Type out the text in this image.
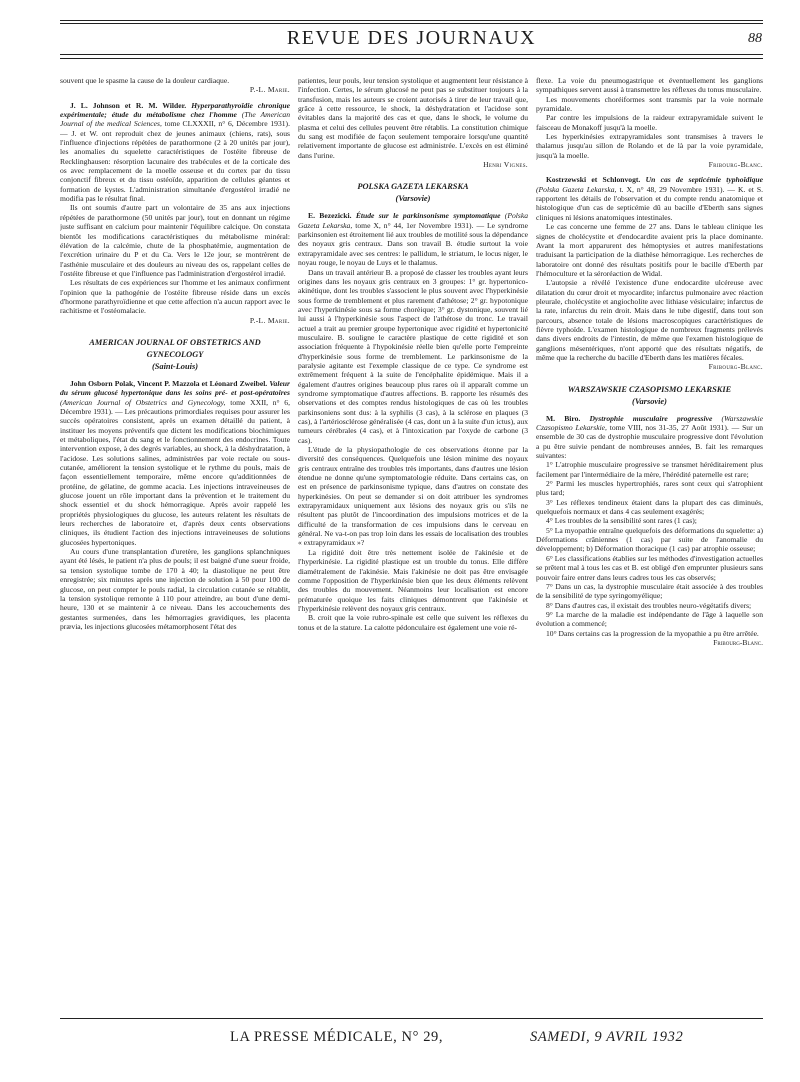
REVUE DES JOURNAUX	88

souvent que le spasme la cause de la douleur cardiaque.

P.-L. Marie.

J. L. Johnson et R. M. Wilder. Hyperparathyroïdie chronique expérimentale; étude du métabolisme chez l'homme (The American Journal of the medical Sciences, tome CLXXXII, n° 6, Décembre 1931). — J. et W. ont reproduit chez de jeunes animaux (chiens, rats), sous l'influence d'injections répétées de parathormone (2 à 20 unités par jour), les anomalies du squelette caractéristiques de l'ostéite fibreuse de Recklinghausen: résorption lacunaire des trabécules et de la corticale des os avec remplacement de la moelle osseuse et du cortex par du tissu conjonctif fibreux et du tissu ostéoïde, apparition de cellules géantes et formation de kystes. L'administration simultanée d'ergostérol irradié ne modifia pas le résultat final.

Ils ont soumis d'autre part un volontaire de 35 ans aux injections répétées de parathormone (50 unités par jour), tout en donnant un régime juste suffisant en calcium pour maintenir l'équilibre calcique. On constata bientôt les modifications caractéristiques du métabolisme minéral: élévation de la calcémie, chute de la phosphatémie, augmentation de l'excrétion urinaire du P et du Ca. Vers le 12e jour, se montrèrent de l'asthénie musculaire et des douleurs au niveau des os, rappelant celles de l'ostéite fibreuse et que l'influence pas l'administration d'ergostérol irradié.

Les résultats de ces expériences sur l'homme et les animaux confirment l'opinion que la pathogénie de l'ostéite fibreuse réside dans un excès d'hormone parathyroïdienne et que cette affection n'a aucun rapport avec le rachitisme et l'ostéomalacie.

P.-L. Marie.
AMERICAN JOURNAL OF OBSTETRICS AND GYNECOLOGY
(Saint-Louis)

John Osborn Polak, Vincent P. Mazzola et Léonard Zweibel. Valeur du sérum glucosé hypertonique dans les soins pré- et post-opératoires (American Journal of Obstetrics and Gynecology, tome XXII, n° 6, Décembre 1931). — Les précautions primordiales requises pour assurer les succès opératoires consistent, après un examen détaillé du patient, à instituer les moyens préventifs que dictent les modifications biochimiques et métaboliques, l'état du sang et le fonctionnement des endocrines. Toute intervention expose, à des degrés variables, au shock, à la déshydratation, à l'acidose. Les solutions salines, administrées par voie rectale ou sous-cutanée, améliorent la tension systolique et le rythme du pouls, mais de façon essentiellement temporaire, même encore qu'additionnées de protéine, de gélatine, de gomme acacia. Les injections intraveineuses de glucose jouent un rôle important dans la prévention et le traitement du shock essentiel et du shock hémorragique. Après avoir rappelé les propriétés physiologiques du glucose, les auteurs relatent les résultats de leurs recherches de laboratoire et, d'après deux cents observations cliniques, ils étudient l'action des injections intraveineuses de solutions glucosées hypertoniques.

Au cours d'une transplantation d'uretère, les ganglions splanchniques ayant été lésés, le patient n'a plus de pouls; il est baigné d'une sueur froide, sa tension systolique tombe de 170 à 40; la diastolique ne peut être enregistrée; six minutes après une injection de solution à 50 pour 100 de glucose, on peut compter le pouls radial, la circulation cutanée se rétablit, la tension systolique remonte à 110 pour atteindre, au bout d'une demi-heure, 130 et se maintenir à ce niveau. Dans les accouchements des gestantes surmenées, dans les hémorragies gravidiques, les placenta prævia, les injections glucosées métamorphosent l'état des

patientes, leur pouls, leur tension systolique et augmentent leur résistance à l'infection. Certes, le sérum glucosé ne peut pas se substituer toujours à la transfusion, mais les auteurs se croient autorisés à tirer de leur travail que, grâce à cette ressource, le shock, la déshydratation et l'acidose sont évitables dans la majorité des cas et que, dans le shock, le volume du plasma et celui des cellules peuvent être rétablis. La constitution chimique du sang est modifiée de façon seulement temporaire lorsqu'une quantité relativement importante de glucose est administrée. L'excès en est éliminé dans l'urine.

Henri Vignes.
POLSKA GAZETA LEKARSKA
(Varsovie)

E. Bezezicki. Étude sur le parkinsonisme symptomatique (Polska Gazeta Lekarska, tome X, n° 44, 1er Novembre 1931). — Le syndrome parkinsonien est étroitement lié aux troubles de motilité sous la dépendance des noyaux gris centraux. Dans son travail B. étudie surtout la voie extrapyramidale avec ses centres: le pallidum, le striatum, le locus niger, le noyau rouge, le noyau de Luys et le thalamus.

Dans un travail antérieur B. a proposé de classer les troubles ayant leurs origines dans les noyaux gris centraux en 3 groupes: 1° gr. hypertonico-akinétique, dont les troubles s'associent le plus souvent avec l'hyperkinésie sous forme de tremblement et plus rarement d'athétose; 2° gr. hypotonique avec l'hyperkinésie sous sa forme chorèique; 3° gr. dystonique, souvent lié lui aussi à l'hyperkinésie sous l'aspect de l'athétose du tronc. Le travail actuel a trait au premier groupe hypertonique avec rigidité et hypertonicité musculaire. B. souligne le caractère plastique de cette rigidité et son association fréquente à l'hypokinésie réelle bien qu'elle porte l'empreinte d'hyperkinésie sous forme de tremblement. Le parkinsonisme de la paralysie agitante est l'exemple classique de ce type. Ce syndrome est extrêmement fréquent à la suite de l'encéphalite épidémique. Mais il a également d'autres origines beaucoup plus rares où il apparaît comme un syndrome symptomatique d'autres affections. B. rapporte les résumés des observations et des comptes rendus histologiques de cas où les troubles parkinsoniens sont dus: à la syphilis (3 cas), à la sclérose en plaques (3 cas), à l'artériosclérose généralisée (4 cas, dont un à la suite d'un ictus), aux tumeurs cérébrales (4 cas), et à l'intoxication par l'oxyde de carbone (3 cas).

L'étude de la physiopathologie de ces observations étonne par la diversité des conséquences. Quelquefois une lésion minime des noyaux gris centraux entraîne des troubles très importants, dans d'autres une lésion étendue ne donne qu'une symptomatologie réduite. Dans certains cas, on est en présence de parkinsonisme typique, dans d'autres on constate des hyperkinésies. On peut se demander si on doit attribuer les syndromes extrapyramidaux uniquement aux lésions des noyaux gris ou s'ils ne résultent pas plutôt de l'incoordination des impulsions motrices et de la difficulté de la transformation de ces impulsions dans le cerveau en général. Ne va-t-on pas trop loin dans les essais de localisation des troubles « extrapyramidaux »?

La rigidité doit être très nettement isolée de l'akinésie et de l'hyperkinésie. La rigidité plastique est un trouble du tonus. Elle diffère diamétralement de l'akinésie. Mais l'akinésie ne doit pas être envisagée comme l'opposition de l'hyperkinésie bien que les deux éléments relèvent des troubles du mouvement. Néanmoins leur localisation est encore prématurée quoique les faits cliniques démontrent que l'akinésie et l'hyperkinésie relèvent des noyaux gris centraux.

B. croit que la voie rubro-spinale est celle que suivent les réflexes du tonus et de la stature. La calotte pédonculaire est également une voie ré-

flexe. La voie du pneumogastrique et éventuellement les ganglions sympathiques servent aussi à transmettre les réflexes du tonus musculaire.

Les mouvements choréiformes sont transmis par la voie normale pyramidale.

Par contre les impulsions de la raideur extrapyramidale suivent le faisceau de Monakoff jusqu'à la moelle.

Les hyperkinésies extrapyramidales sont transmises à travers le thalamus jusqu'au sillon de Rolando et de là par la voie pyramidale, jusqu'à la moelle.

Fribourg-Blanc.

Kostrzewski et Schlonvogt. Un cas de septicémie typhoïdique (Polska Gazeta Lekarska, t. X, n° 48, 29 Novembre 1931). — K. et S. rapportent les détails de l'observation et du compte rendu anatomique et histologique d'un cas de septicémie dû au bacille d'Eberth sans signes cliniques ni lésions anatomiques intestinales.

Le cas concerne une femme de 27 ans. Dans le tableau clinique les signes de cholécystite et d'endocardite avaient pris la place dominante. Avant la mort apparurent des hémoptysies et autres manifestations traduisant la participation de la diathèse hémorragique. Les recherches de laboratoire ont donné des résultats positifs pour le bacille d'Eberth par l'hémoculture et la séroréaction de Widal.

L'autopsie a révélé l'existence d'une endocardite ulcéreuse avec dilatation du cœur droit et myocardite; infarctus pulmonaire avec réaction pleurale, cholécystite et angiocholite avec lithiase vésiculaire; infarctus de la rate, infarctus du rein droit. Mais dans le tube digestif, dans tout son parcours, absence totale de lésions macroscopiques caractéristiques de fièvre typhoïde. L'examen histologique de nombreux fragments prélevés dans divers endroits de l'intestin, de même que l'examen histologique de ganglions mésentériques, n'ont apporté que des résultats négatifs, de même que la recherche du bacille d'Eberth dans les matières fécales.

Fribourg-Blanc.
WARSZAWSKIE CZASOPISMO LEKARSKIE
(Varsovie)

M. Biro. Dystrophie musculaire progressive (Warszawskie Czasopismo Lekarskie, tome VIII, nos 31-35, 27 Août 1931). — Sur un ensemble de 30 cas de dystrophie musculaire progressive dont l'évolution a pu être suivie pendant de nombreuses années, B. fait les remarques suivantes:

1° L'atrophie musculaire progressive se transmet héréditairement plus facilement par l'intermédiaire de la mère, l'hérédité paternelle est rare;

2° Parmi les muscles hypertrophiés, rares sont ceux qui s'atrophient plus tard;

3° Les réflexes tendineux étaient dans la plupart des cas diminués, quelquefois normaux et dans 4 cas seulement exagérés;

4° Les troubles de la sensibilité sont rares (1 cas);

5° La myopathie entraîne quelquefois des déformations du squelette: a) Déformations crâniennes (1 cas) par suite de l'anomalie du développement; b) Déformation thoracique (1 cas) par atrophie osseuse;

6° Les classifications établies sur les méthodes d'investigation actuelles se prêtent mal à tous les cas et B. est obligé d'en emprunter plusieurs sans pouvoir faire entrer dans leurs cadres tous les cas observés;

7° Dans un cas, la dystrophie musculaire était associée à des troubles de la sensibilité de type syringomyélique;

8° Dans d'autres cas, il existait des troubles neuro-végétatifs divers;

9° La marche de la maladie est indépendante de l'âge à laquelle son évolution a commencé;

10° Dans certains cas la progression de la myopathie a pu être arrêtée.
Fribourg-Blanc.

LA PRESSE MÉDICALE, N° 29,	SAMEDI, 9 AVRIL 1932
